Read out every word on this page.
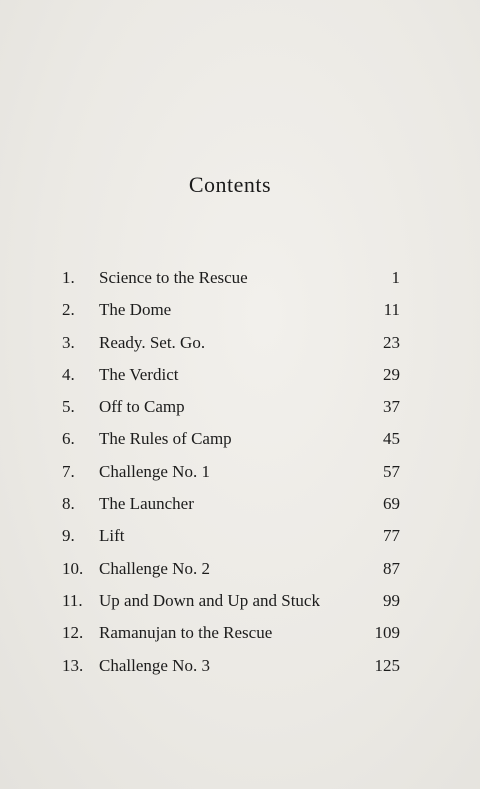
Contents
1. Science to the Rescue	1
2. The Dome	11
3. Ready. Set. Go.	23
4. The Verdict	29
5. Off to Camp	37
6. The Rules of Camp	45
7. Challenge No. 1	57
8. The Launcher	69
9. Lift	77
10. Challenge No. 2	87
11. Up and Down and Up and Stuck	99
12. Ramanujan to the Rescue	109
13. Challenge No. 3	125
